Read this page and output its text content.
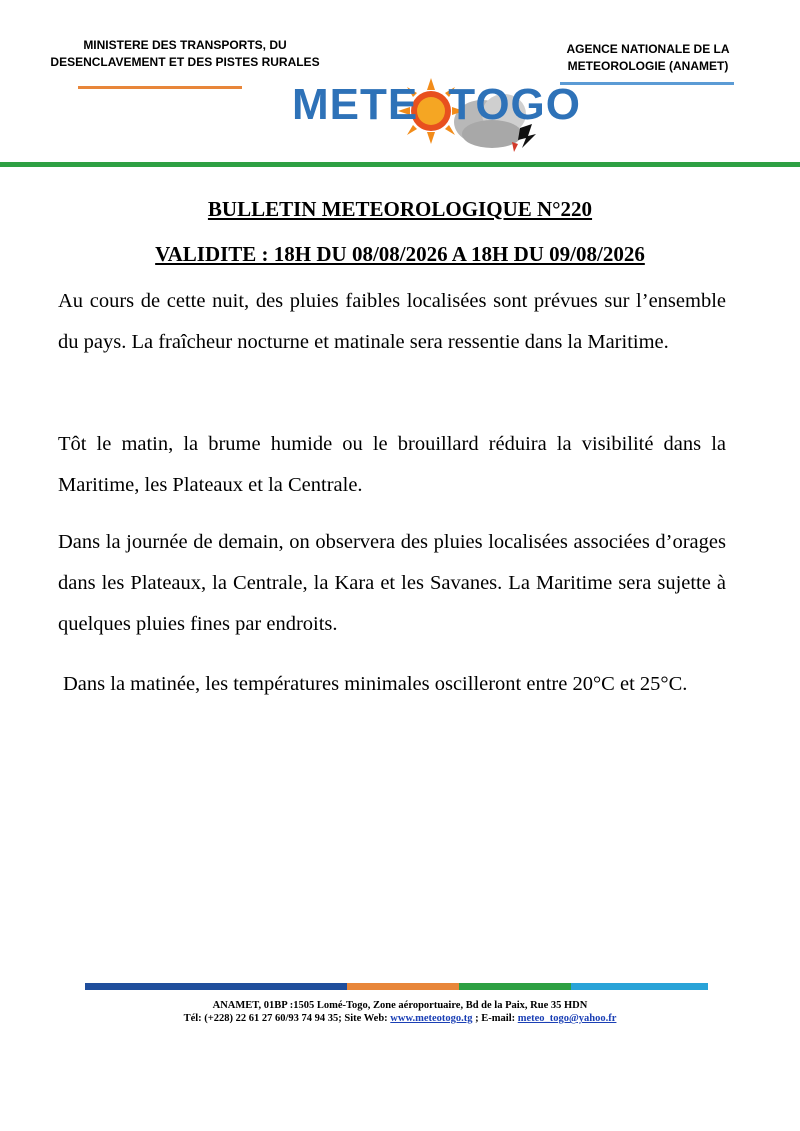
MINISTERE DES TRANSPORTS, DU
DESENCLAVEMENT ET DES PISTES RURALES
AGENCE NATIONALE DE LA
METEOROLOGIE (ANAMET)
METE TOGO
BULLETIN METEOROLOGIQUE N°220
VALIDITE : 18H DU 08/08/2026 A 18H DU 09/08/2026

Au cours de cette nuit, des pluies faibles localisées sont prévues sur l’ensemble du pays. La fraîcheur nocturne et matinale sera ressentie dans la Maritime.

Tôt le matin, la brume humide ou le brouillard réduira la visibilité dans la Maritime, les Plateaux et la Centrale.

Dans la journée de demain, on observera des pluies localisées associées d’orages dans les Plateaux, la Centrale, la Kara et les Savanes. La Maritime sera sujette à quelques pluies fines par endroits.

Dans la matinée, les températures minimales oscilleront entre 20°C et 25°C.

ANAMET, 01BP :1505 Lomé-Togo, Zone aéroportuaire, Bd de la Paix, Rue 35 HDN
Tél: (+228) 22 61 27 60/93 74 94 35; Site Web: www.meteotogo.tg ; E-mail: meteo_togo@yahoo.fr
